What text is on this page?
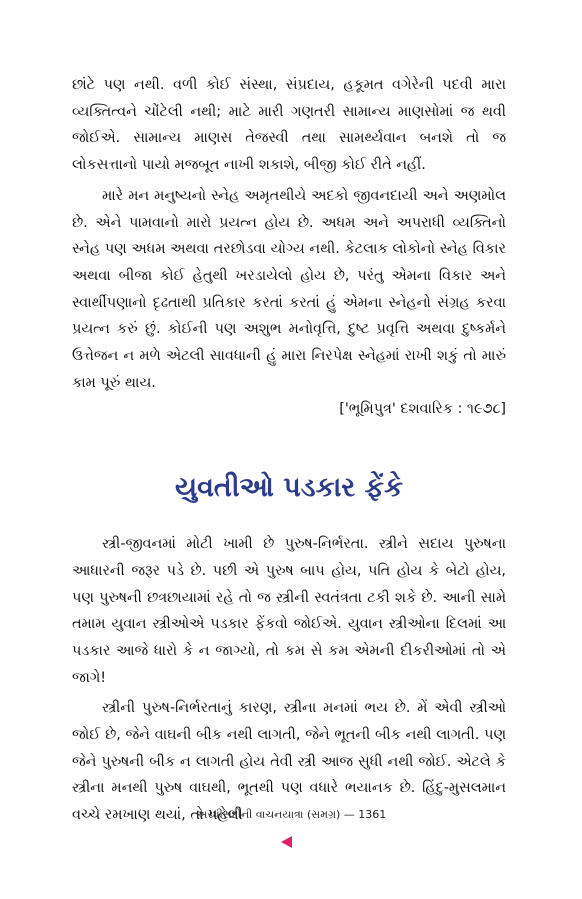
છાંટે પણ નથી. વળી કોઈ સંસ્થા, સંપ્રદાય, હકૂમત વગેરેની પદવી મારા વ્યક્તિત્વને ચોંટેલી નથી; માટે મારી ગણતરી સામાન્ય માણસોમાં જ થવી જોઈએ. સામાન્ય માણસ તેજસ્વી તથા સામર્થ્યવાન બનશે તો જ લોકસત્તાનો પાયો મજબૂત નાખી શકાશે, બીજી કોઈ રીતે નહીં.

મારે મન મનુષ્યનો સ્નેહ અમૃતથીયે અદકો જીવનદાયી અને અણમોલ છે. એને પામવાનો મારો પ્રયત્ન હોય છે. અધમ અને અપરાધી વ્યક્તિનો સ્નેહ પણ અધમ અથવા તરછોડવા યોગ્ય નથી. કેટલાક લોકોનો સ્નેહ વિકાર અથવા બીજા કોઈ હેતુથી ખરડાયેલો હોય છે, પરંતુ એમના વિકાર અને સ્વાર્થીપણાનો દૃઢતાથી પ્રતિકાર કરતાં કરતાં હું એમના સ્નેહનો સંગ્રહ કરવા પ્રયત્ન કરું છું. કોઈની પણ અશુભ મનોવૃત્તિ, દુષ્ટ પ્રવૃત્તિ અથવા દુષ્કર્મને ઉત્તેજન ન મળે એટલી સાવધાની હું મારા નિરપેક્ષ સ્નેહમાં રાખી શકું તો મારું કામ પૂરું થાય.

['ભૂમિપુત્ર' દશવારિક : ૧૯૭૮]

યુવતીઓ પડકાર ફેંકે

સ્ત્રી-જીવનમાં મોટી ખામી છે પુરુષ-નિર્ભરતા. સ્ત્રીને સદાય પુરુષના આધારની જરૂર પડે છે. પછી એ પુરુષ બાપ હોય, પતિ હોય કે બેટો હોય, પણ પુરુષની છત્રછાયામાં રહે તો જ સ્ત્રીની સ્વતંત્રતા ટકી શકે છે. આની સામે તમામ યુવાન સ્ત્રીઓએ પડકાર ફેંકવો જોઈએ. યુવાન સ્ત્રીઓના દિલમાં આ પડકાર આજે ધારો કે ન જાગ્યો, તો કમ સે કમ એમની દીકરીઓમાં તો એ જાગે!

સ્ત્રીની પુરુષ-નિર્ભરતાનું કારણ, સ્ત્રીના મનમાં ભય છે. મેં એવી સ્ત્રીઓ જોઈ છે, જેને વાઘની બીક નથી લાગતી, જેને ભૂતની બીક નથી લાગતી. પણ જેને પુરુષની બીક ન લાગતી હોય તેવી સ્ત્રી આજ સુધી નથી જોઈ. એટલે કે સ્ત્રીના મનથી પુરુષ વાઘથી, ભૂતથી પણ વધારે ભયાનક છે. હિંદુ-મુસલમાન વચ્ચે રમખાણ થયાં, તો પહેલી

અરધીસદીની વાચનયાત્રા (સમગ્ર) — 1361
